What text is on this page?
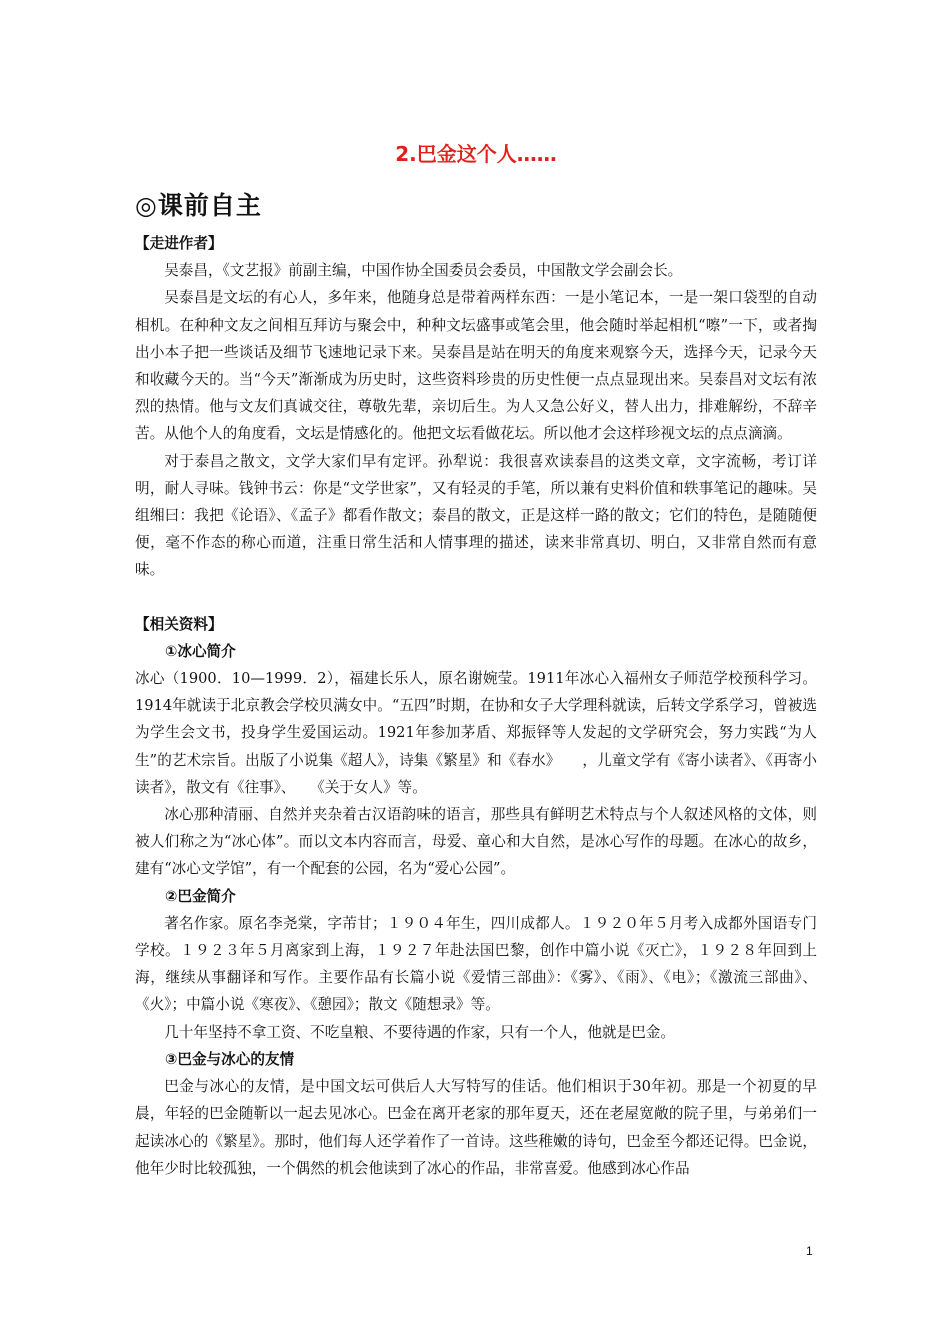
2.巴金这个人……
◎课前自主
【走进作者】

吴泰昌，《文艺报》前副主编，中国作协全国委员会委员，中国散文学会副会长。

吴泰昌是文坛的有心人，多年来，他随身总是带着两样东西：一是小笔记本，一是一架口袋型的自动相机。在种种文友之间相互拜访与聚会中，种种文坛盛事或笔会里，他会随时举起相机“嚓”一下，或者掏出小本子把一些谈话及细节飞速地记录下来。吴泰昌是站在明天的角度来观察今天，选择今天，记录今天和收藏今天的。当“今天”渐渐成为历史时，这些资料珍贵的历史性便一点点显现出来。吴泰昌对文坛有浓烈的热情。他与文友们真诚交往，尊敬先辈，亲切后生。为人又急公好义，替人出力，排难解纷，不辞辛苦。从他个人的角度看，文坛是情感化的。他把文坛看做花坛。所以他才会这样珍视文坛的点点滴滴。

对于泰昌之散文，文学大家们早有定评。孙犁说：我很喜欢读泰昌的这类文章，文字流畅，考订详明，耐人寻味。钱钟书云：你是“文学世家”，又有轻灵的手笔，所以兼有史料价值和轶事笔记的趣味。吴组缃曰：我把《论语》、《孟子》都看作散文；泰昌的散文，正是这样一路的散文；它们的特色，是随随便便，毫不作态的称心而道，注重日常生活和人情事理的描述，读来非常真切、明白，又非常自然而有意味。

【相关资料】
①冰心简介

冰心（1900．10—1999．2），福建长乐人，原名谢婉莹。1911年冰心入福州女子师范学校预科学习。1914年就读于北京教会学校贝满女中。“五四”时期，在协和女子大学理科就读，后转文学系学习，曾被选为学生会文书，投身学生爱国运动。1921年参加茅盾、郑振铎等人发起的文学研究会，努力实践“为人生”的艺术宗旨。出版了小说集《超人》，诗集《繁星》和《春水》　　，儿童文学有《寄小读者》、《再寄小读者》，散文有《往事》、　　《关于女人》等。

冰心那种清丽、自然并夹杂着古汉语韵味的语言，那些具有鲜明艺术特点与个人叙述风格的文体，则被人们称之为“冰心体”。而以文本内容而言，母爱、童心和大自然，是冰心写作的母题。在冰心的故乡，建有“冰心文学馆”，有一个配套的公园，名为“爱心公园”。

②巴金简介

著名作家。原名李尧棠，字芾甘；１９０４年生，四川成都人。１９２０年５月考入成都外国语专门学校。１９２３年５月离家到上海，１９２７年赴法国巴黎，创作中篇小说《灭亡》，１９２８年回到上海，继续从事翻译和写作。主要作品有长篇小说《爱情三部曲》：《雾》、《雨》、《电》；《激流三部曲》、《火》；中篇小说《寒夜》、《憩园》；散文《随想录》等。

几十年坚持不拿工资、不吃皇粮、不要待遇的作家，只有一个人，他就是巴金。

③巴金与冰心的友情

巴金与冰心的友情，是中国文坛可供后人大写特写的佳话。他们相识于30年初。那是一个初夏的早晨，年轻的巴金随靳以一起去见冰心。巴金在离开老家的那年夏天，还在老屋宽敞的院子里，与弟弟们一起读冰心的《繁星》。那时，他们每人还学着作了一首诗。这些稚嫩的诗句，巴金至今都还记得。巴金说，他年少时比较孤独，一个偶然的机会他读到了冰心的作品，非常喜爱。他感到冰心作品

1
